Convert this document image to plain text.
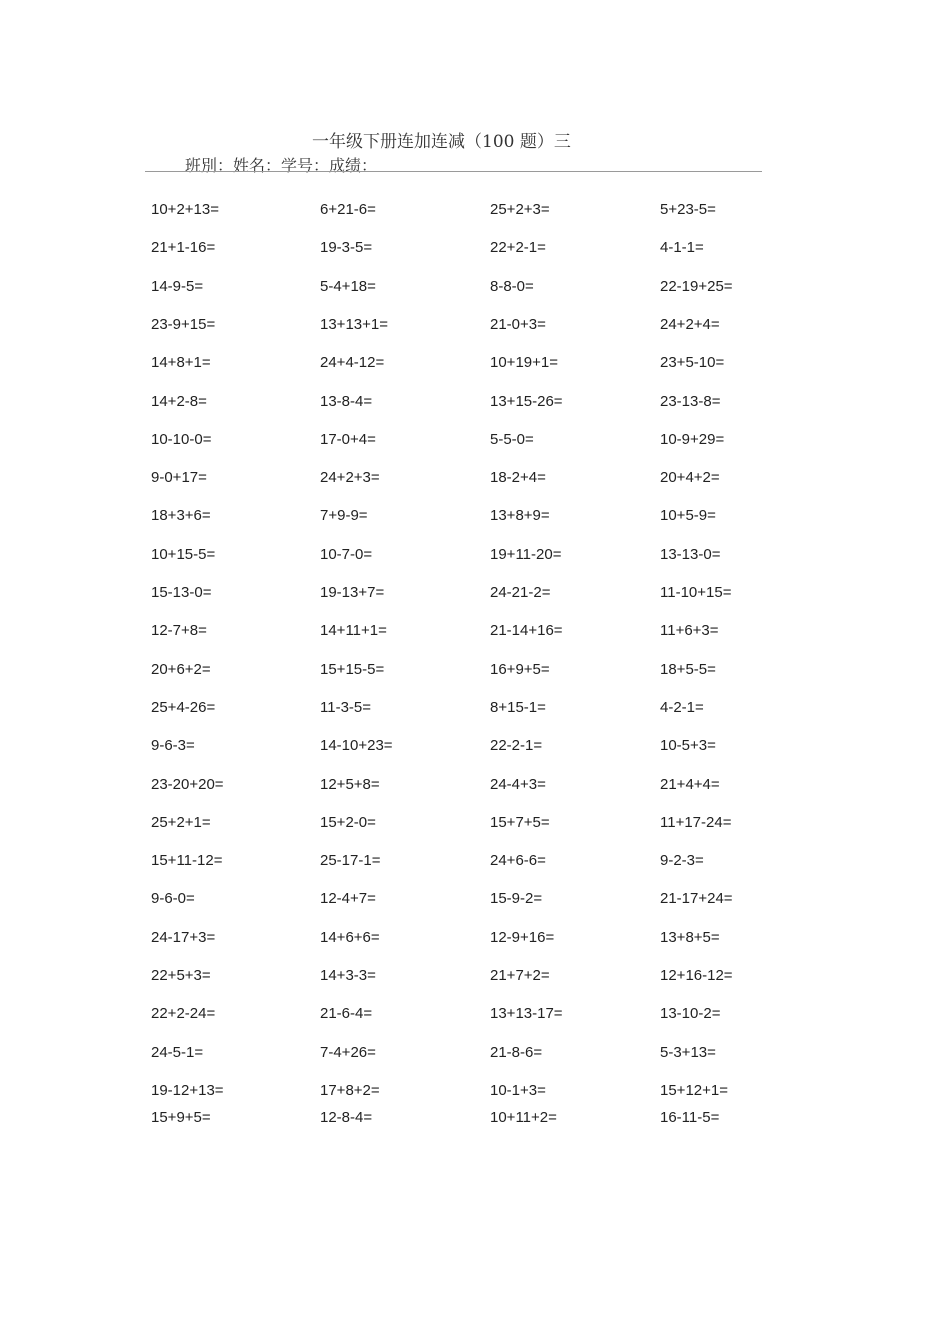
一年级下册连加连减（100 题）三
班別：姓名：学号：成绩：
10+2+13=	6+21-6=	25+2+3=	5+23-5=
21+1-16=	19-3-5=	22+2-1=	4-1-1=
14-9-5=	5-4+18=	8-8-0=	22-19+25=
23-9+15=	13+13+1=	21-0+3=	24+2+4=
14+8+1=	24+4-12=	10+19+1=	23+5-10=
14+2-8=	13-8-4=	13+15-26=	23-13-8=
10-10-0=	17-0+4=	5-5-0=	10-9+29=
9-0+17=	24+2+3=	18-2+4=	20+4+2=
18+3+6=	7+9-9=	13+8+9=	10+5-9=
10+15-5=	10-7-0=	19+11-20=	13-13-0=
15-13-0=	19-13+7=	24-21-2=	11-10+15=
12-7+8=	14+11+1=	21-14+16=	11+6+3=
20+6+2=	15+15-5=	16+9+5=	18+5-5=
25+4-26=	11-3-5=	8+15-1=	4-2-1=
9-6-3=	14-10+23=	22-2-1=	10-5+3=
23-20+20=	12+5+8=	24-4+3=	21+4+4=
25+2+1=	15+2-0=	15+7+5=	11+17-24=
15+11-12=	25-17-1=	24+6-6=	9-2-3=
9-6-0=	12-4+7=	15-9-2=	21-17+24=
24-17+3=	14+6+6=	12-9+16=	13+8+5=
22+5+3=	14+3-3=	21+7+2=	12+16-12=
22+2-24=	21-6-4=	13+13-17=	13-10-2=
24-5-1=	7-4+26=	21-8-6=	5-3+13=
19-12+13=	17+8+2=	10-1+3=	15+12+1=
15+9+5=	12-8-4=	10+11+2=	16-11-5=
